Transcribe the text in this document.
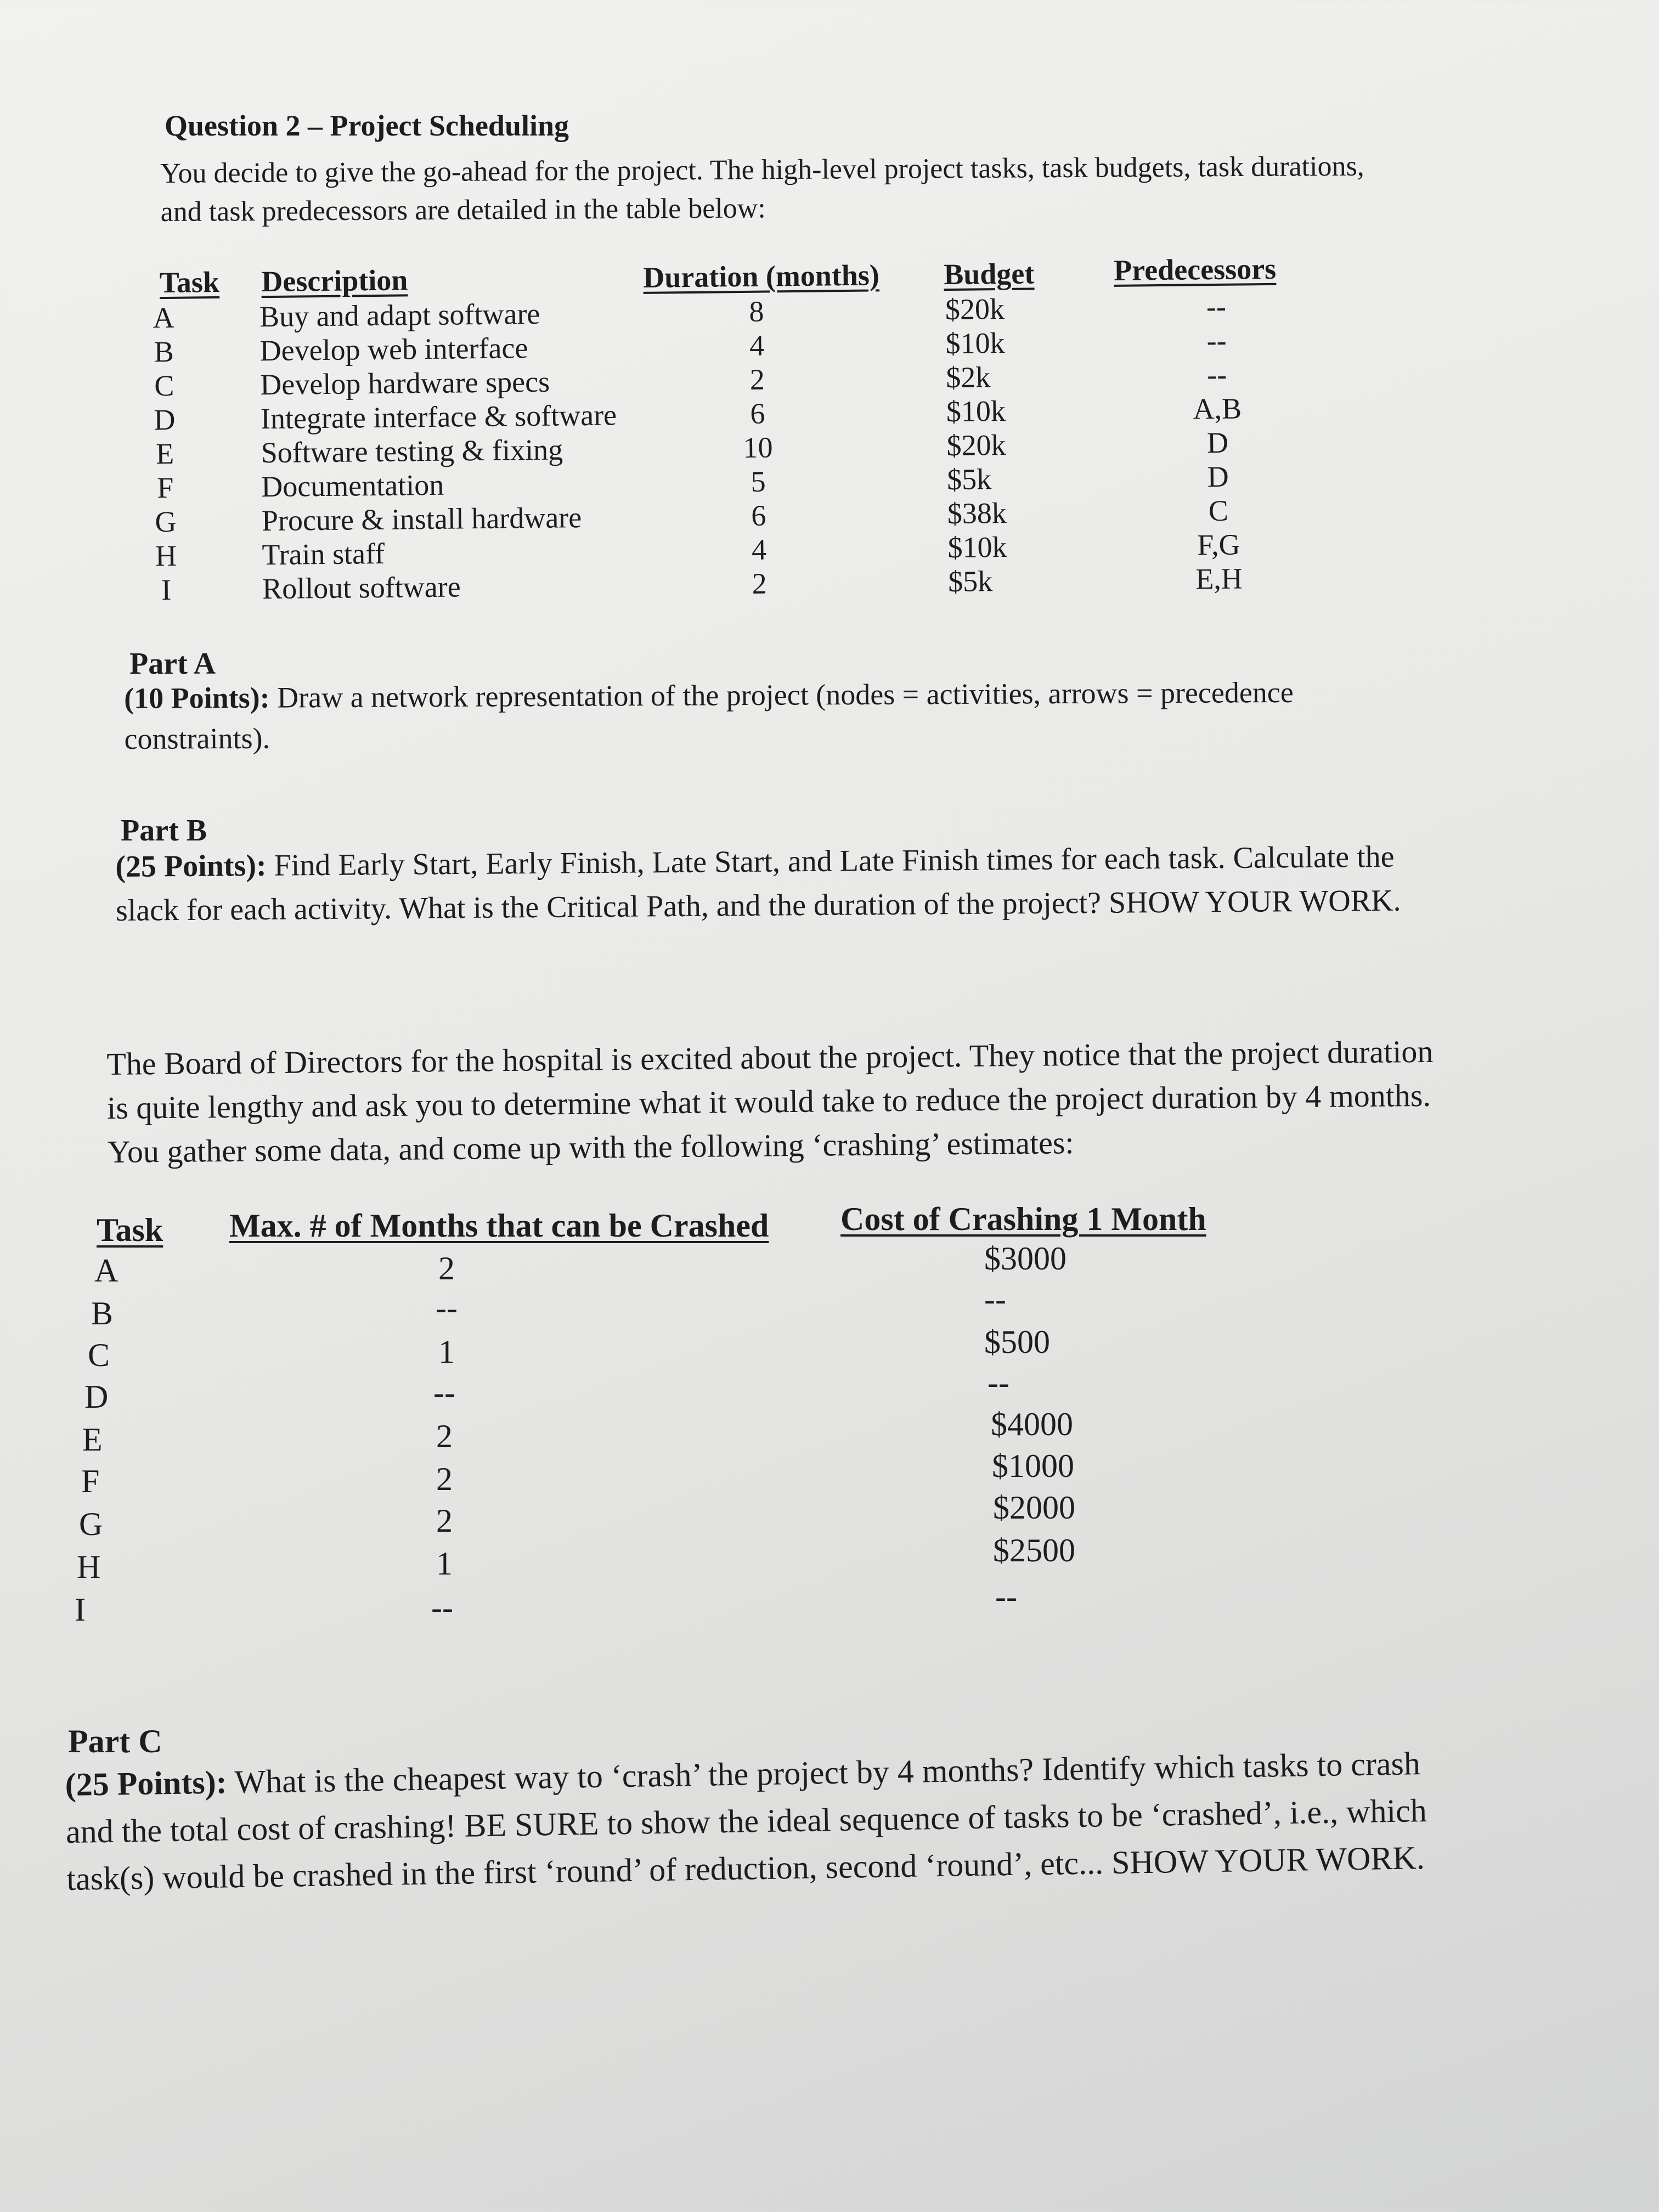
Question 2 – Project Scheduling
You decide to give the go-ahead for the project. The high-level project tasks, task budgets, task durations,
and task predecessors are detailed in the table below:
Task Description	Duration (months) Budget	Predecessors
A	Buy and adapt software	8	$20k	--
B	Develop web interface	4	$10k	--
C	Develop hardware specs	2	$2k	--
D	Integrate interface & software	6	$10k	A,B
E	Software testing & fixing	10	$20k	D
F	Documentation	5	$5k	D
G	Procure & install hardware	6	$38k	C
H	Train staff	4	$10k	F,G
I	Rollout software	2	$5k	E,H
Part A
(10 Points): Draw a network representation of the project (nodes = activities, arrows = precedence
constraints).
Part B
(25 Points): Find Early Start, Early Finish, Late Start, and Late Finish times for each task. Calculate the
slack for each activity. What is the Critical Path, and the duration of the project? SHOW YOUR WORK.
The Board of Directors for the hospital is excited about the project. They notice that the project duration
is quite lengthy and ask you to determine what it would take to reduce the project duration by 4 months.
You gather some data, and come up with the following ‘crashing’ estimates:
Task Max. # of Months that can be Crashed Cost of Crashing 1 Month
A	2	$3000
B	--	--
C	1	$500
D	--	--
E	2	$4000
F	2	$1000
G	2	$2000
H	1	$2500
I	--	--
Part C
(25 Points): What is the cheapest way to ‘crash’ the project by 4 months? Identify which tasks to crash
and the total cost of crashing! BE SURE to show the ideal sequence of tasks to be ‘crashed’, i.e., which
task(s) would be crashed in the first ‘round’ of reduction, second ‘round’, etc... SHOW YOUR WORK.
